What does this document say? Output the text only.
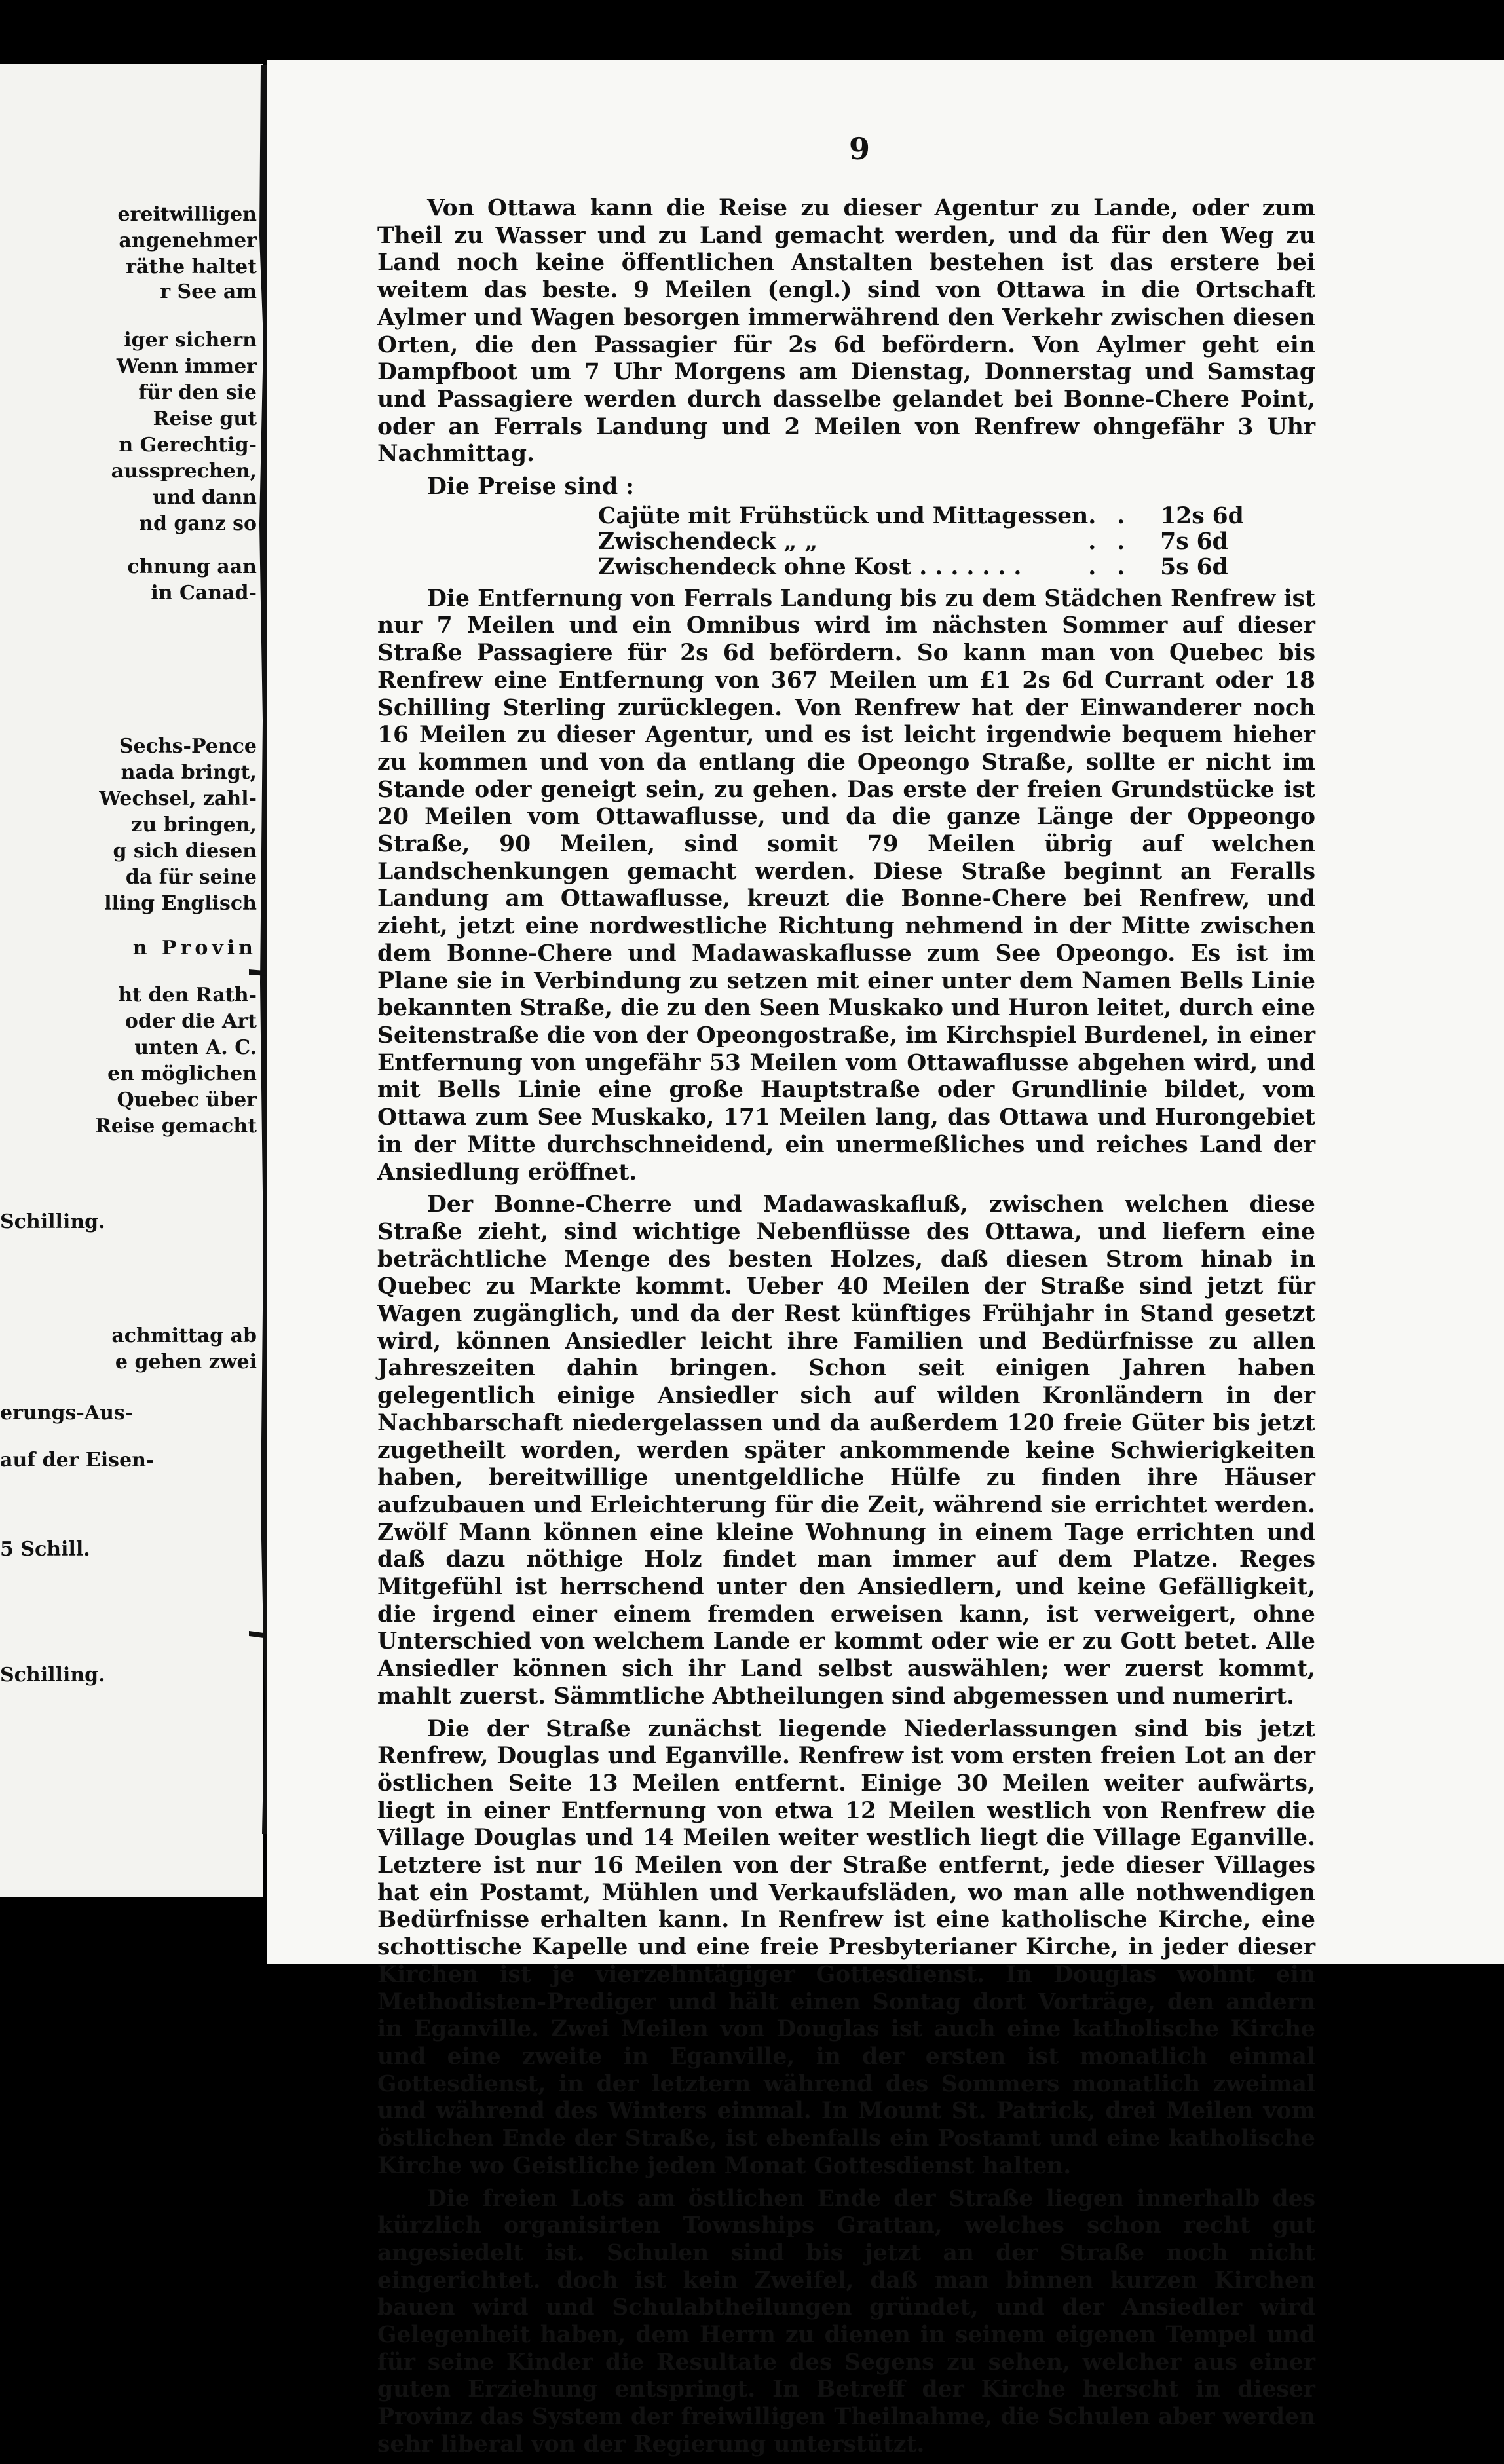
ereitwilligen
angenehmer
räthe haltet
r See am
iger sichern
Wenn immer
für den sie
Reise gut
n Gerechtig-
aussprechen,
und dann
nd ganz so
chnung aan
in Canad-
Sechs-Pence
nada bringt,
Wechsel, zahl-
zu bringen,
g sich diesen
da für seine
lling Englisch
n Provin
ht den Rath-
oder die Art
unten A. C.
en möglichen
Quebec über
Reise gemacht
Schilling.
achmittag ab
e gehen zwei
erungs-Aus-
auf der Eisen-
5 Schill.
Schilling.
9

Von Ottawa kann die Reise zu dieser Agentur zu Lande, oder zum Theil zu Wasser und zu Land gemacht werden, und da für den Weg zu Land noch keine öffentlichen Anstalten bestehen ist das erstere bei weitem das beste. 9 Meilen (engl.) sind von Ottawa in die Ortschaft Aylmer und Wagen besorgen immerwährend den Verkehr zwischen diesen Orten, die den Passagier für 2s 6d befördern. Von Aylmer geht ein Dampfboot um 7 Uhr Morgens am Dienstag, Donnerstag und Samstag und Passagiere werden durch dasselbe gelandet bei Bonne-Chere Point, oder an Ferrals Landung und 2 Meilen von Renfrew ohngefähr 3 Uhr Nachmittag.

Die Preise sind :

Cajüte mit Frühstück und Mittagessen	. .	12s 6d
Zwischendeck „ „	. .	7s 6d
Zwischendeck ohne Kost . . . . . . .	. .	5s 6d

Die Entfernung von Ferrals Landung bis zu dem Städchen Renfrew ist nur 7 Meilen und ein Omnibus wird im nächsten Sommer auf dieser Straße Passagiere für 2s 6d befördern. So kann man von Quebec bis Renfrew eine Entfernung von 367 Meilen um £1 2s 6d Currant oder 18 Schilling Sterling zurücklegen. Von Renfrew hat der Einwanderer noch 16 Meilen zu dieser Agentur, und es ist leicht irgendwie bequem hieher zu kommen und von da entlang die Opeongo Straße, sollte er nicht im Stande oder geneigt sein, zu gehen. Das erste der freien Grundstücke ist 20 Meilen vom Ottawaflusse, und da die ganze Länge der Oppeongo Straße, 90 Meilen, sind somit 79 Meilen übrig auf welchen Landschenkungen gemacht werden. Diese Straße beginnt an Feralls Landung am Ottawaflusse, kreuzt die Bonne-Chere bei Renfrew, und zieht, jetzt eine nordwestliche Richtung nehmend in der Mitte zwischen dem Bonne-Chere und Madawaskaflusse zum See Opeongo. Es ist im Plane sie in Verbindung zu setzen mit einer unter dem Namen Bells Linie bekannten Straße, die zu den Seen Muskako und Huron leitet, durch eine Seitenstraße die von der Opeongostraße, im Kirchspiel Burdenel, in einer Entfernung von ungefähr 53 Meilen vom Ottawaflusse abgehen wird, und mit Bells Linie eine große Hauptstraße oder Grundlinie bildet, vom Ottawa zum See Muskako, 171 Meilen lang, das Ottawa und Hurongebiet in der Mitte durchschneidend, ein unermeßliches und reiches Land der Ansiedlung eröffnet.

Der Bonne-Cherre und Madawaskafluß, zwischen welchen diese Straße zieht, sind wichtige Nebenflüsse des Ottawa, und liefern eine beträchtliche Menge des besten Holzes, daß diesen Strom hinab in Quebec zu Markte kommt. Ueber 40 Meilen der Straße sind jetzt für Wagen zugänglich, und da der Rest künftiges Frühjahr in Stand gesetzt wird, können Ansiedler leicht ihre Familien und Bedürfnisse zu allen Jahreszeiten dahin bringen. Schon seit einigen Jahren haben gelegentlich einige Ansiedler sich auf wilden Kronländern in der Nachbarschaft niedergelassen und da außerdem 120 freie Güter bis jetzt zugetheilt worden, werden später ankommende keine Schwierigkeiten haben, bereitwillige unentgeldliche Hülfe zu finden ihre Häuser aufzubauen und Erleichterung für die Zeit, während sie errichtet werden. Zwölf Mann können eine kleine Wohnung in einem Tage errichten und daß dazu nöthige Holz findet man immer auf dem Platze. Reges Mitgefühl ist herrschend unter den Ansiedlern, und keine Gefälligkeit, die irgend einer einem fremden erweisen kann, ist verweigert, ohne Unterschied von welchem Lande er kommt oder wie er zu Gott betet. Alle Ansiedler können sich ihr Land selbst auswählen; wer zuerst kommt, mahlt zuerst. Sämmtliche Abtheilungen sind abgemessen und numerirt.

Die der Straße zunächst liegende Niederlassungen sind bis jetzt Renfrew, Douglas und Eganville. Renfrew ist vom ersten freien Lot an der östlichen Seite 13 Meilen entfernt. Einige 30 Meilen weiter aufwärts, liegt in einer Entfernung von etwa 12 Meilen westlich von Renfrew die Village Douglas und 14 Meilen weiter westlich liegt die Village Eganville. Letztere ist nur 16 Meilen von der Straße entfernt, jede dieser Villages hat ein Postamt, Mühlen und Verkaufsläden, wo man alle nothwendigen Bedürfnisse erhalten kann. In Renfrew ist eine katholische Kirche, eine schottische Kapelle und eine freie Presbyterianer Kirche, in jeder dieser Kirchen ist je vierzehntägiger Gottesdienst. In Douglas wohnt ein Methodisten-Prediger und hält einen Sontag dort Vorträge, den andern in Eganville. Zwei Meilen von Douglas ist auch eine katholische Kirche und eine zweite in Eganville, in der ersten ist monatlich einmal Gottesdienst, in der letztern während des Sommers monatlich zweimal und während des Winters einmal. In Mount St. Patrick, drei Meilen vom östlichen Ende der Straße, ist ebenfalls ein Postamt und eine katholische Kirche wo Geistliche jeden Monat Gottesdienst halten.

Die freien Lots am östlichen Ende der Straße liegen innerhalb des kürzlich organisirten Townships Grattan, welches schon recht gut angesiedelt ist. Schulen sind bis jetzt an der Straße noch nicht eingerichtet. doch ist kein Zweifel, daß man binnen kurzen Kirchen bauen wird und Schulabtheilungen gründet, und der Ansiedler wird Gelegenheit haben, dem Herrn zu dienen in seinem eigenen Tempel und für seine Kinder die Resultate des Segens zu sehen, welcher aus einer guten Erziehung entspringt. In Betreff der Kirche herscht in dieser Provinz das System der freiwilligen Theilnahme, die Schulen aber werden sehr liberal von der Regierung unterstützt.
